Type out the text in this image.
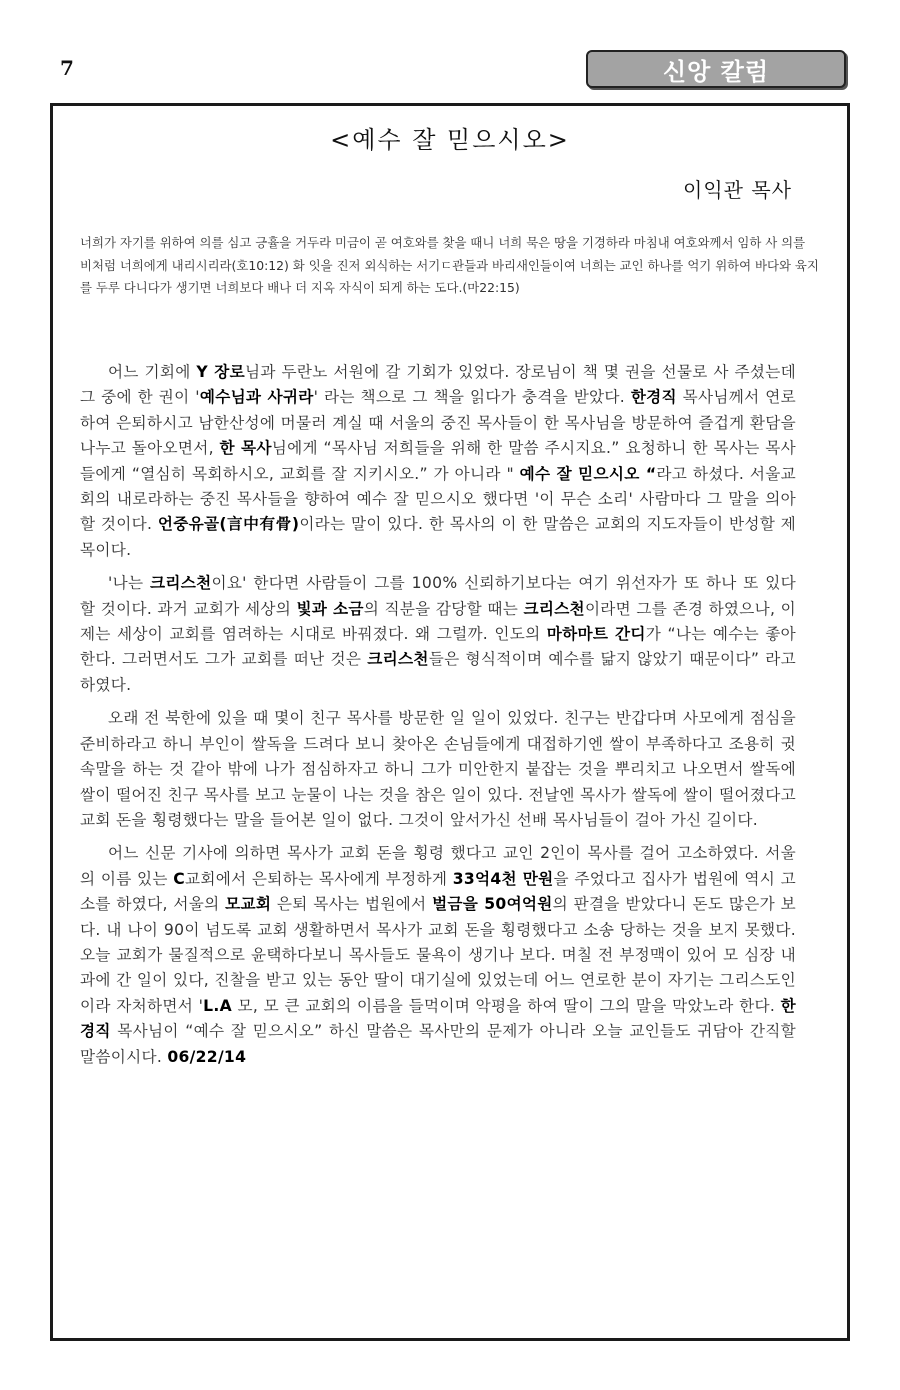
7	신앙 칼럼
<예수 잘 믿으시오>
이익관 목사
너희가 자기를 위하여 의를 심고 긍휼을 거두라 미금이 곧 여호와를 찾을 때니 너희 묵은 땅을 기경하라 마침내 여호와께서 임하 사 의를 비처럼 너희에게 내리시리라(호10:12) 화 잇을 진저 외식하는 서기ㄷ관들과 바리새인들이여 너희는 교인 하나를 억기 위하여 바다와 육지를 두루 다니다가 생기면 너희보다 배나 더 지옥 자식이 되게 하는 도다.(마22:15)

어느 기회에 Y 장로님과 두란노 서원에 갈 기회가 있었다. 장로님이 책 몇 권을 선물로 사 주셨는데 그 중에 한 권이 '예수님과 사귀라' 라는 책으로 그 책을 읽다가 충격을 받았다. 한경직 목사님께서 연로하여 은퇴하시고 남한산성에 머물러 계실 때 서울의 중진 목사들이 한 목사님을 방문하여 즐겁게 환담을 나누고 돌아오면서, 한 목사님에게 “목사님 저희들을 위해 한 말씀 주시지요.” 요청하니 한 목사는 목사들에게 “열심히 목회하시오, 교회를 잘 지키시오.” 가 아니라 " 예수 잘 믿으시오 “라고 하셨다. 서울교회의 내로라하는 중진 목사들을 향하여 예수 잘 믿으시오 했다면 '이 무슨 소리' 사람마다 그 말을 의아할 것이다. 언중유골(言中有骨)이라는 말이 있다. 한 목사의 이 한 말씀은 교회의 지도자들이 반성할 제목이다.

'나는 크리스천이요' 한다면 사람들이 그를 100% 신뢰하기보다는 여기 위선자가 또 하나 또 있다 할 것이다. 과거 교회가 세상의 빛과 소금의 직분을 감당할 때는 크리스천이라면 그를 존경 하였으나, 이제는 세상이 교회를 염려하는 시대로 바꿔졌다. 왜 그럴까. 인도의 마하마트 간디가 “나는 예수는 좋아 한다. 그러면서도 그가 교회를 떠난 것은 크리스천들은 형식적이며 예수를 닮지 않았기 때문이다” 라고 하였다.

오래 전 북한에 있을 때 몇이 친구 목사를 방문한 일 일이 있었다. 친구는 반갑다며 사모에게 점심을 준비하라고 하니 부인이 쌀독을 드려다 보니 찾아온 손님들에게 대접하기엔 쌀이 부족하다고 조용히 귓속말을 하는 것 같아 밖에 나가 점심하자고 하니 그가 미안한지 붙잡는 것을 뿌리치고 나오면서 쌀독에 쌀이 떨어진 친구 목사를 보고 눈물이 나는 것을 참은 일이 있다. 전날엔 목사가 쌀독에 쌀이 떨어졌다고 교회 돈을 횡령했다는 말을 들어본 일이 없다. 그것이 앞서가신 선배 목사님들이 걸아 가신 길이다.

어느 신문 기사에 의하면 목사가 교회 돈을 횡령 했다고 교인 2인이 목사를 걸어 고소하였다. 서울의 이름 있는 C교회에서 은퇴하는 목사에게 부정하게 33억4천 만원을 주었다고 집사가 법원에 역시 고소를 하였다, 서울의 모교회 은퇴 목사는 법원에서 벌금을 50여억원의 판결을 받았다니 돈도 많은가 보다. 내 나이 90이 넘도록 교회 생활하면서 목사가 교회 돈을 횡령했다고 소송 당하는 것을 보지 못했다. 오늘 교회가 물질적으로 윤택하다보니 목사들도 물욕이 생기나 보다. 며칠 전 부정맥이 있어 모 심장 내과에 간 일이 있다, 진찰을 받고 있는 동안 딸이 대기실에 있었는데 어느 연로한 분이 자기는 그리스도인이라 자처하면서 'L.A 모, 모 큰 교회의 이름을 들먹이며 악평을 하여 딸이 그의 말을 막았노라 한다. 한 경직 목사님이 “예수 잘 믿으시오” 하신 말씀은 목사만의 문제가 아니라 오늘 교인들도 귀담아 간직할 말씀이시다. 06/22/14
